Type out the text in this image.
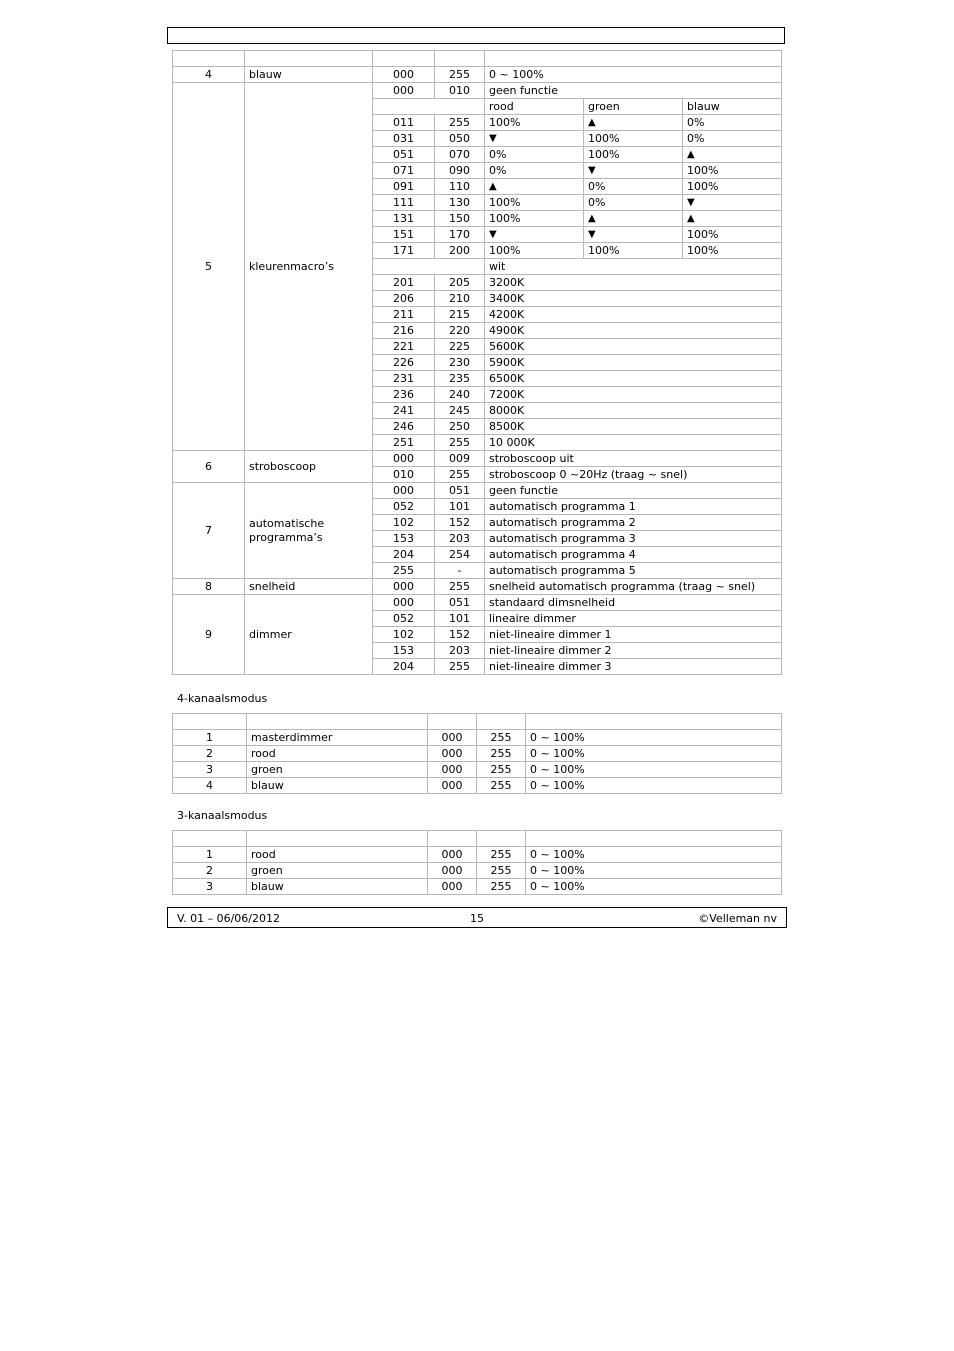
4	blauw	000	255	0 ~ 100%		
5	kleurenmacro’s	000	010	geen functie		
				rood	groen	blauw
		011	255	100%	▲	0%
		031	050	▼	100%	0%
		051	070	0%	100%	▲
		071	090	0%	▼	100%
		091	110	▲	0%	100%
		111	130	100%	0%	▼
		131	150	100%	▲	▲
		151	170	▼	▼	100%
		171	200	100%	100%	100%
				wit		
		201	205	3200K		
		206	210	3400K		
		211	215	4200K		
		216	220	4900K		
		221	225	5600K		
		226	230	5900K		
		231	235	6500K		
		236	240	7200K		
		241	245	8000K		
		246	250	8500K		
		251	255	10 000K		
6	stroboscoop	000	009	stroboscoop uit		
		010	255	stroboscoop 0 ~20Hz (traag ~ snel)		
7	automatische programma’s	000	051	geen functie		
		052	101	automatisch programma 1		
		102	152	automatisch programma 2		
		153	203	automatisch programma 3		
		204	254	automatisch programma 4		
		255	-	automatisch programma 5		
8	snelheid	000	255	snelheid automatisch programma (traag ~ snel)		
9	dimmer	000	051	standaard dimsnelheid		
		052	101	lineaire dimmer		
		102	152	niet-lineaire dimmer 1		
		153	203	niet-lineaire dimmer 2		
		204	255	niet-lineaire dimmer 3		
4-kanaalsmodus

1	masterdimmer	000	255	0 ~ 100%
2	rood	000	255	0 ~ 100%
3	groen	000	255	0 ~ 100%
4	blauw	000	255	0 ~ 100%
3-kanaalsmodus

1	rood	000	255	0 ~ 100%
2	groen	000	255	0 ~ 100%
3	blauw	000	255	0 ~ 100%
V. 01 – 06/06/2012	15	©Velleman nv
